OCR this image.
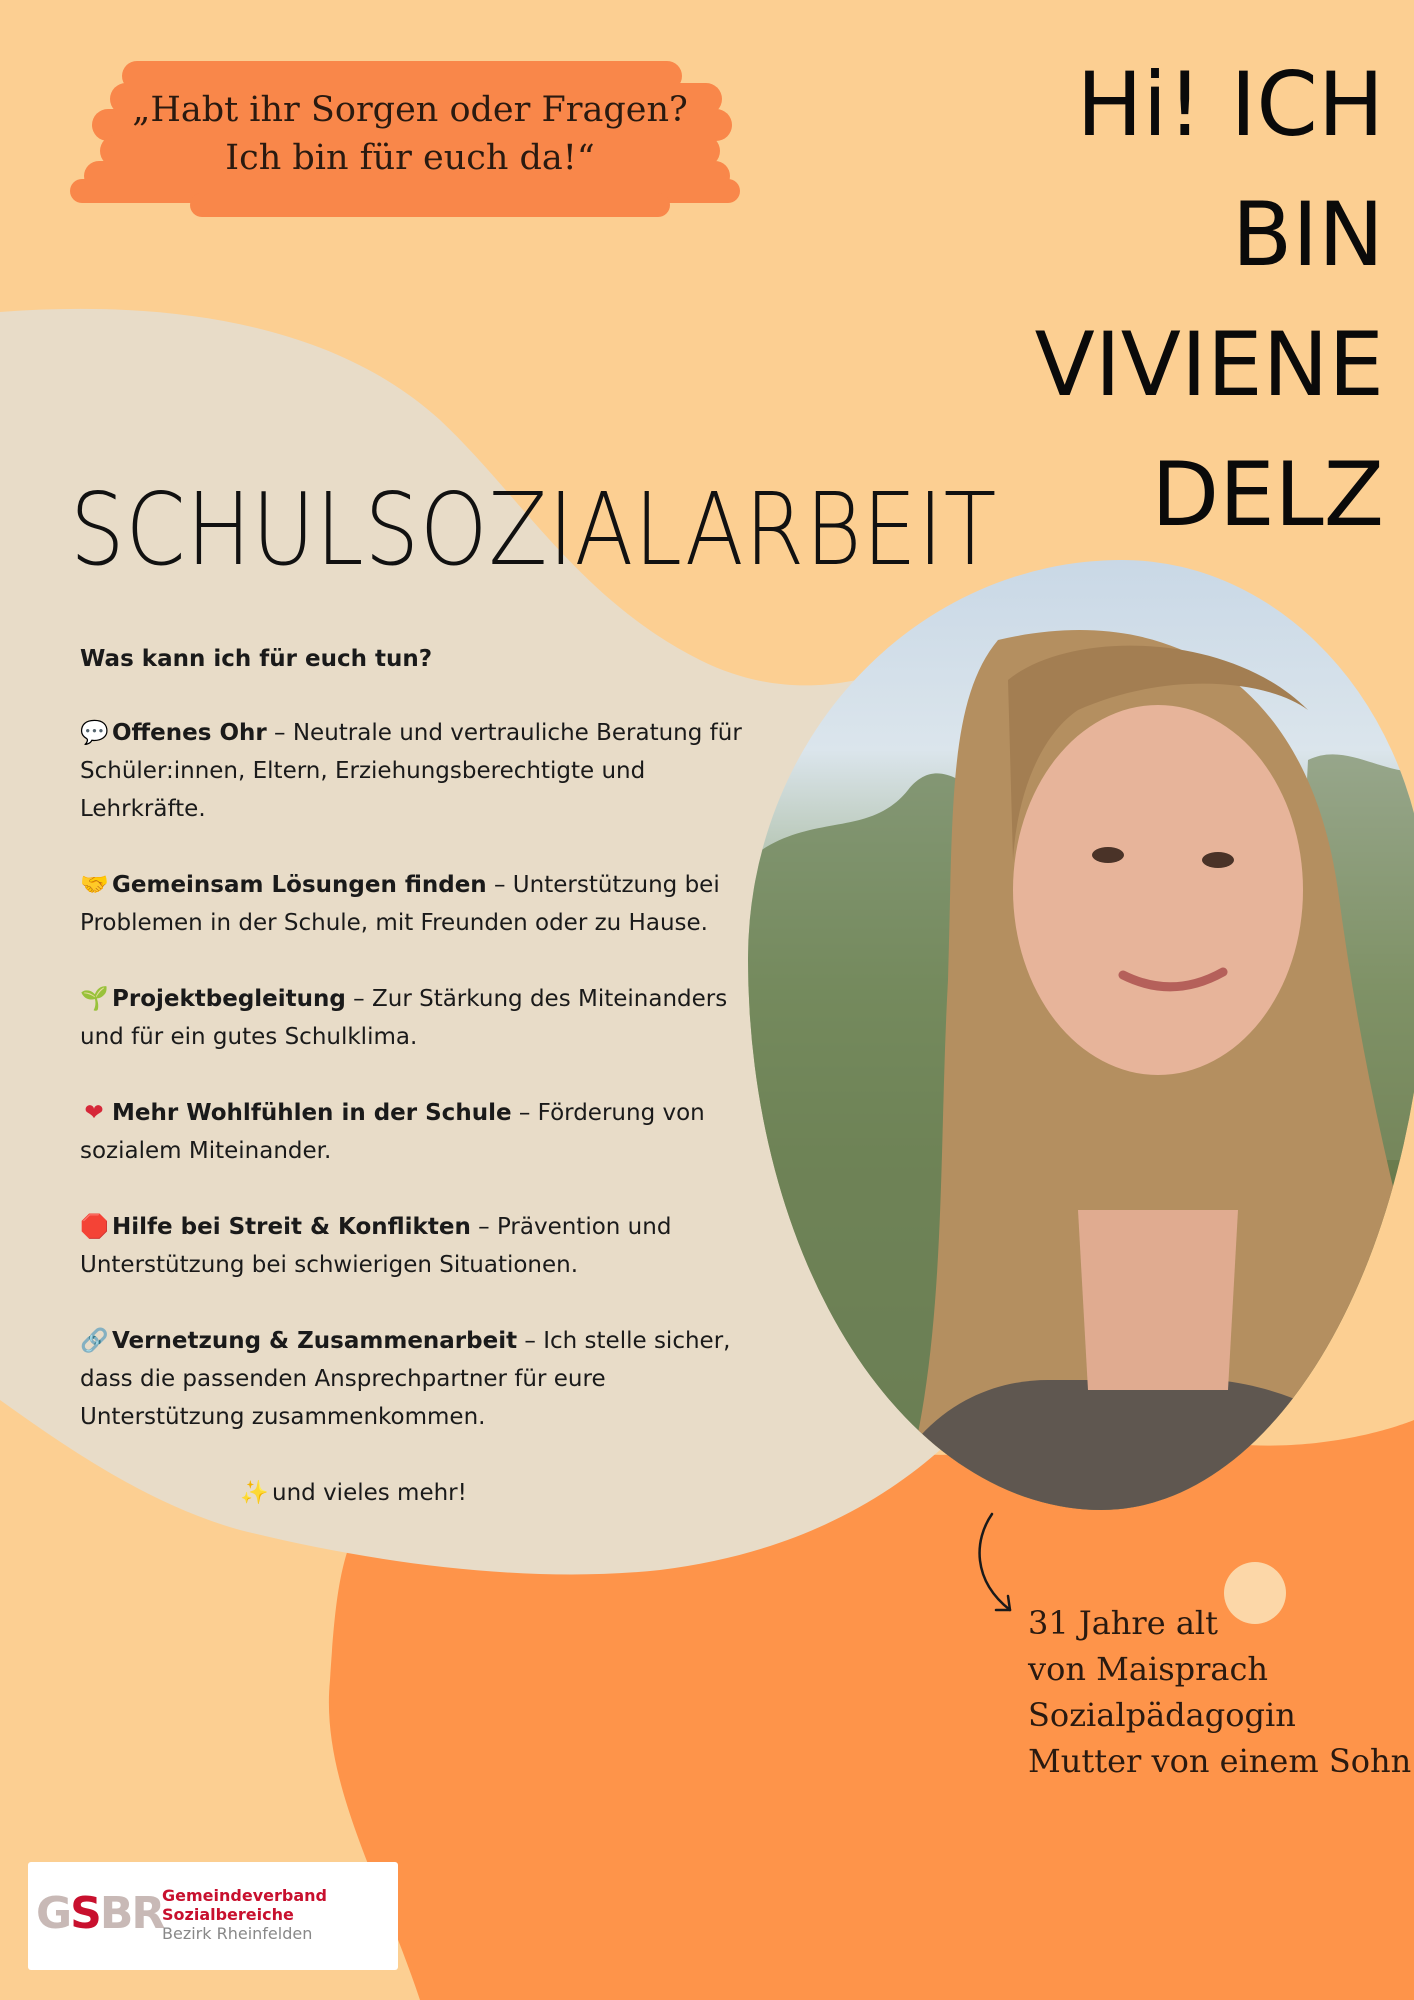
„Habt ihr Sorgen oder Fragen?
Ich bin für euch da!“
Hi! ICH
BIN
VIVIENE
DELZ
SCHULSOZIALARBEIT
Was kann ich für euch tun?
💬 Offenes Ohr – Neutrale und vertrauliche Beratung für Schüler:innen, Eltern, Erziehungsberechtigte und Lehrkräfte.
🤝 Gemeinsam Lösungen finden – Unterstützung bei Problemen in der Schule, mit Freunden oder zu Hause.
🌱 Projektbegleitung – Zur Stärkung des Miteinanders und für ein gutes Schulklima.
❤ Mehr Wohlfühlen in der Schule – Förderung von sozialem Miteinander.
🛑 Hilfe bei Streit & Konflikten – Prävention und Unterstützung bei schwierigen Situationen.
🔗 Vernetzung & Zusammenarbeit – Ich stelle sicher, dass die passenden Ansprechpartner für eure Unterstützung zusammenkommen.
✨ und vieles mehr!
31 Jahre alt
von Maisprach
Sozialpädagogin
Mutter von einem Sohn
GSBR
Gemeindeverband
Sozialbereiche
Bezirk Rheinfelden
